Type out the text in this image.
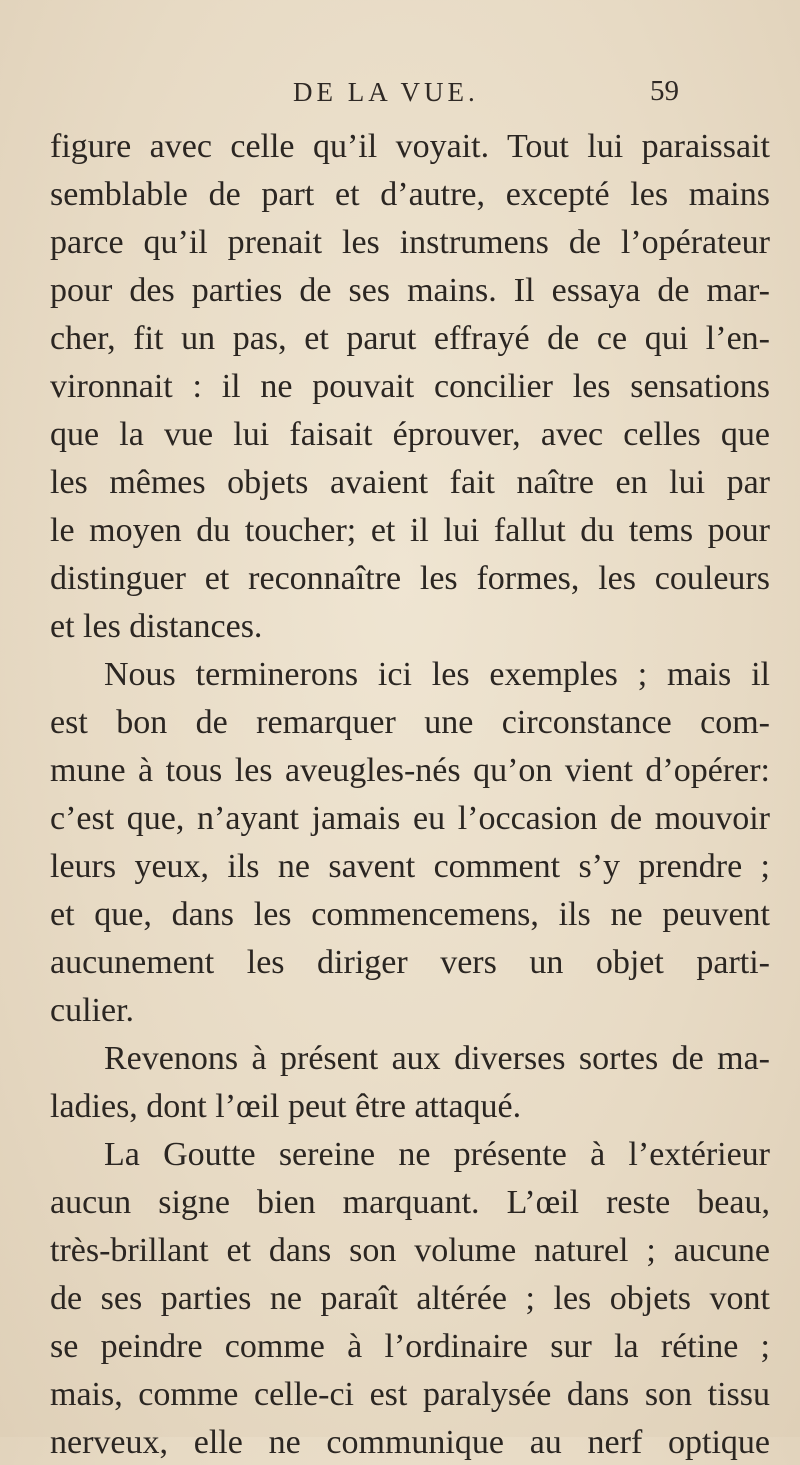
DE LA VUE.	59
figure avec celle qu’il voyait. Tout lui paraissait
semblable de part et d’autre, excepté les mains
parce qu’il prenait les instrumens de l’opérateur
pour des parties de ses mains. Il essaya de mar-
cher, fit un pas, et parut effrayé de ce qui l’en-
vironnait : il ne pouvait concilier les sensations
que la vue lui faisait éprouver, avec celles que
les mêmes objets avaient fait naître en lui par
le moyen du toucher; et il lui fallut du tems pour
distinguer et reconnaître les formes, les couleurs
et les distances.
Nous terminerons ici les exemples ; mais il
est bon de remarquer une circonstance com-
mune à tous les aveugles-nés qu’on vient d’opérer:
c’est que, n’ayant jamais eu l’occasion de mouvoir
leurs yeux, ils ne savent comment s’y prendre ;
et que, dans les commencemens, ils ne peuvent
aucunement les diriger vers un objet parti-
culier.
Revenons à présent aux diverses sortes de ma-
ladies, dont l’œil peut être attaqué.
La Goutte sereine ne présente à l’extérieur
aucun signe bien marquant. L’œil reste beau,
très-brillant et dans son volume naturel ; aucune
de ses parties ne paraît altérée ; les objets vont
se peindre comme à l’ordinaire sur la rétine ;
mais, comme celle-ci est paralysée dans son tissu
nerveux, elle ne communique au nerf optique
